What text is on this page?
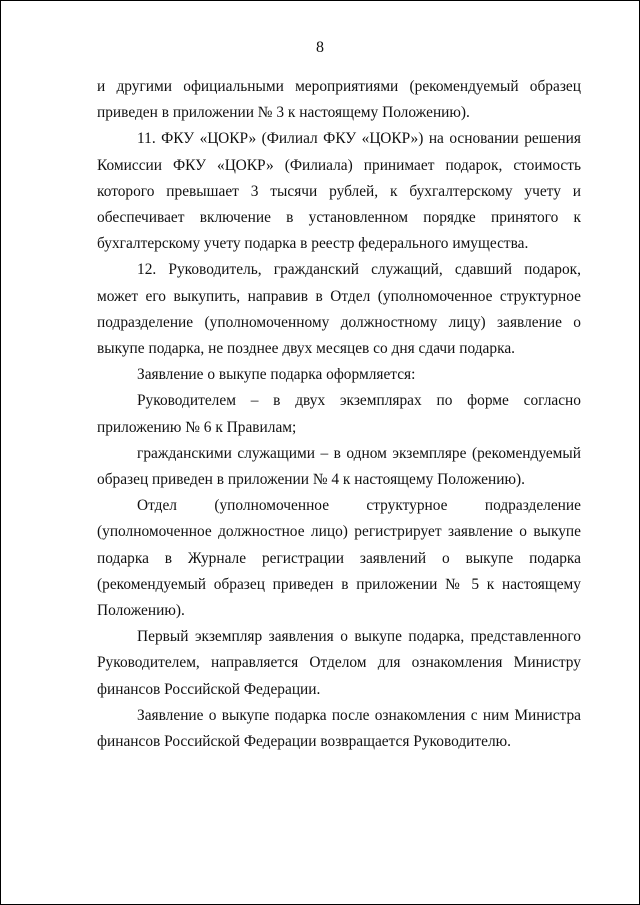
8

и другими официальными мероприятиями (рекомендуемый образец приведен в приложении № 3 к настоящему Положению).

11. ФКУ «ЦОКР» (Филиал ФКУ «ЦОКР») на основании решения Комиссии ФКУ «ЦОКР» (Филиала) принимает подарок, стоимость которого превышает 3 тысячи рублей, к бухгалтерскому учету и обеспечивает включение в установленном порядке принятого к бухгалтерскому учету подарка в реестр федерального имущества.

12. Руководитель, гражданский служащий, сдавший подарок, может его выкупить, направив в Отдел (уполномоченное структурное подразделение (уполномоченному должностному лицу) заявление о выкупе подарка, не позднее двух месяцев со дня сдачи подарка.

Заявление о выкупе подарка оформляется:

Руководителем – в двух экземплярах по форме согласно приложению № 6 к Правилам;

гражданскими служащими – в одном экземпляре (рекомендуемый образец приведен в приложении № 4 к настоящему Положению).

Отдел (уполномоченное структурное подразделение (уполномоченное должностное лицо) регистрирует заявление о выкупе подарка в Журнале регистрации заявлений о выкупе подарка (рекомендуемый образец приведен в приложении № 5 к настоящему Положению).

Первый экземпляр заявления о выкупе подарка, представленного Руководителем, направляется Отделом для ознакомления Министру финансов Российской Федерации.

Заявление о выкупе подарка после ознакомления с ним Министра финансов Российской Федерации возвращается Руководителю.
